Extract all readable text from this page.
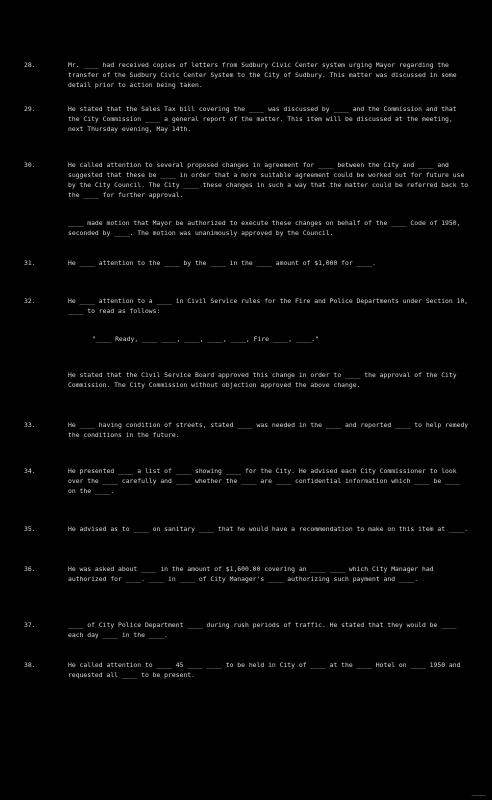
28.	Mr. ____ had received copies of letters from Sudbury Civic Center system urging Mayor regarding the transfer of the Sudbury Civic Center System to the City of Sudbury. This matter was discussed in some detail prior to action being taken.
29.	He stated that the Sales Tax bill covering the ____ was discussed by ____ and the Commission and that the City Commission ____ a general report of the matter. This item will be discussed at the meeting, next Thursday evening, May 14th.
30.	He called attention to several proposed changes in agreement for ____ between the City and ____ and suggested that these be ____ in order that a more suitable agreement could be worked out for future use by the City Council. The City ____ these changes in such a way that the matter could be referred back to the ____ for further approval.
____ made motion that Mayor be authorized to execute these changes on behalf of the ____ Code of 1950, seconded by ____. The motion was unanimously approved by the Council.
31.	He ____ attention to the ____ by the ____ in the ____ amount of $1,000 for ____.
32.	He ____ attention to a ____ in Civil Service rules for the Fire and Police Departments under Section 10, ____ to read as follows:
"____ Ready, ____ ____, ____, ____, ____, Fire ____, ____."
He stated that the Civil Service Board approved this change in order to ____ the approval of the City Commission. The City Commission without objection approved the above change.
33.	He ____ having condition of streets, stated ____ was needed in the ____ and reported ____ to help remedy the conditions in the future.
34.	He presented ____ a list of ____ showing ____ for the City. He advised each City Commissioner to look over the ____ carefully and ____ whether the ____ are ____ confidential information which ____ be ____ on the ____.
35.	He advised as to ____ on sanitary ____ that he would have a recommendation to make on this item at ____.
36.	He was asked about ____ in the amount of $1,600.00 covering an ____ ____ which City Manager had authorized for ____. ____ in ____ of City Manager's ____ authorizing such payment and ____.
37.	____ of City Police Department ____ during rush periods of traffic. He stated that they would be ____ each day ____ in the ____.
38.	He called attention to ____ 45 ____ ____ to be held in City of ____ at the ____ Hotel on ____ 1950 and requested all ____ to be present.
____
